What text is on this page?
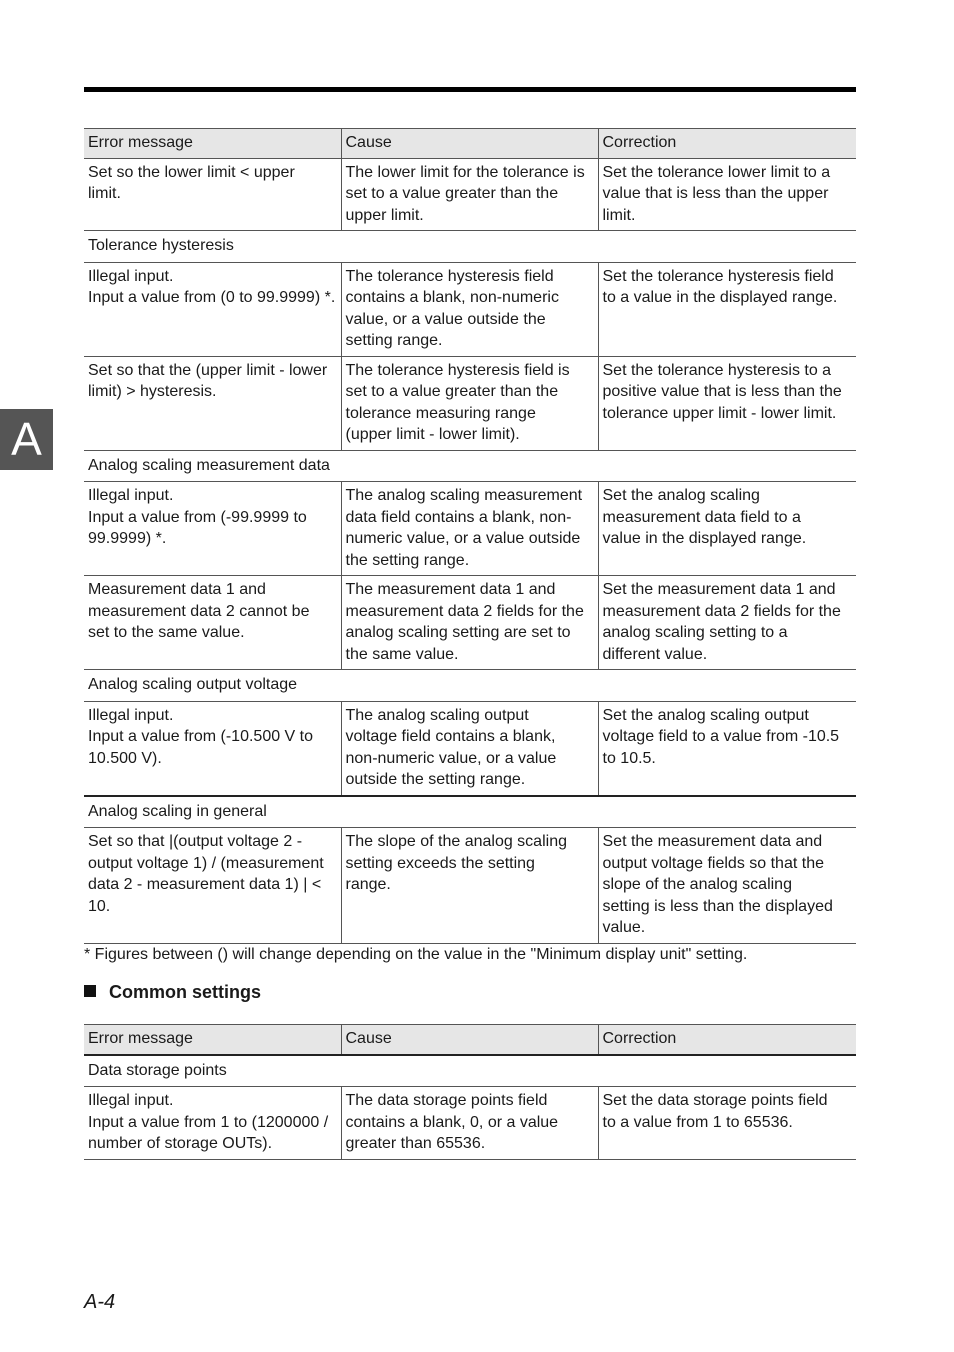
A
Error message	Cause	Correction

Set so the lower limit < upper
limit.	The lower limit for the tolerance is
set to a value greater than the
upper limit.	Set the tolerance lower limit to a
value that is less than the upper
limit.

Tolerance hysteresis		

Illegal input.
Input a value from (0 to 99.9999) *.	The tolerance hysteresis field
contains a blank, non-numeric
value, or a value outside the
setting range.	Set the tolerance hysteresis field
to a value in the displayed range.

Set so that the (upper limit - lower
limit) > hysteresis.	The tolerance hysteresis field is
set to a value greater than the
tolerance measuring range
(upper limit - lower limit).	Set the tolerance hysteresis to a
positive value that is less than the
tolerance upper limit - lower limit.

Analog scaling measurement data		

Illegal input.
Input a value from (-99.9999 to
99.9999) *.	The analog scaling measurement
data field contains a blank, non-
numeric value, or a value outside
the setting range.	Set the analog scaling
measurement data field to a
value in the displayed range.

Measurement data 1 and
measurement data 2 cannot be
set to the same value.	The measurement data 1 and
measurement data 2 fields for the
analog scaling setting are set to
the same value.	Set the measurement data 1 and
measurement data 2 fields for the
analog scaling setting to a
different value.

Analog scaling output voltage		

Illegal input.
Input a value from (-10.500 V to
10.500 V).	The analog scaling output
voltage field contains a blank,
non-numeric value, or a value
outside the setting range.	Set the analog scaling output
voltage field to a value from -10.5
to 10.5.

Analog scaling in general		

Set so that |(output voltage 2 -
output voltage 1) / (measurement
data 2 - measurement data 1) | <
10.	The slope of the analog scaling
setting exceeds the setting
range.	Set the measurement data and
output voltage fields so that the
slope of the analog scaling
setting is less than the displayed
value.
* Figures between () will change depending on the value in the "Minimum display unit" setting.
Common settings
Error message	Cause	Correction
Data storage points		

Illegal input.
Input a value from 1 to (1200000 /
number of storage OUTs).	The data storage points field
contains a blank, 0, or a value
greater than 65536.	Set the data storage points field
to a value from 1 to 65536.
A-4
